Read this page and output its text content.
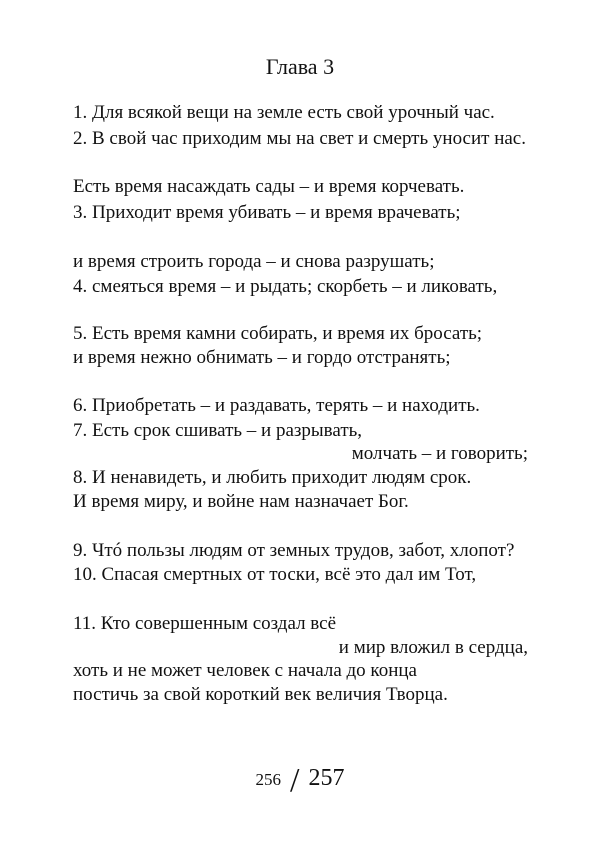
Глава 3
1. Для всякой вещи на земле есть свой урочный час.
2. В свой час приходим мы на свет и смерть уносит нас.
Есть время насаждать сады – и время корчевать.
3. Приходит время убивать – и время врачевать;
и время строить города – и снова разрушать;
4. смеяться время – и рыдать; скорбеть – и ликовать,
5. Есть время камни собирать, и время их бросать;
и время нежно обнимать – и гордо отстранять;
6. Приобретать – и раздавать, терять – и находить.
7. Есть срок сшивать – и разрывать,
молчать – и говорить;
8. И ненавидеть, и любить приходит людям срок.
И время миру, и войне нам назначает Бог.
9. Чтó пользы людям от земных трудов, забот, хлопот?
10. Спасая смертных от тоски, всё это дал им Тот,
11. Кто совершенным создал всё
и мир вложил в сердца,
хоть и не может человек с начала до конца
постичь за свой короткий век величия Творца.
256 / 257
